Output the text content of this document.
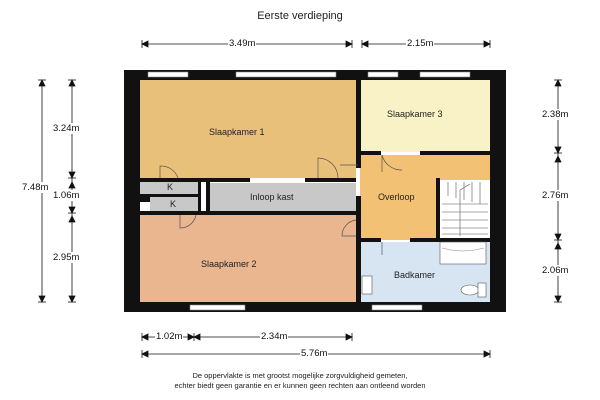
Eerste verdieping
3.49m	2.15m
1.02m	2.34m
5.76m
7.48m
3.24m
1.06m
2.95m
2.38m
2.76m
2.06m
Slaapkamer 1
Slaapkamer 2
Slaapkamer 3
Overloop
Badkamer
Inloop kast
K
K
De oppervlakte is met grootst mogelijke zorgvuldigheid gemeten,
echter biedt geen garantie en er kunnen geen rechten aan ontleend worden
